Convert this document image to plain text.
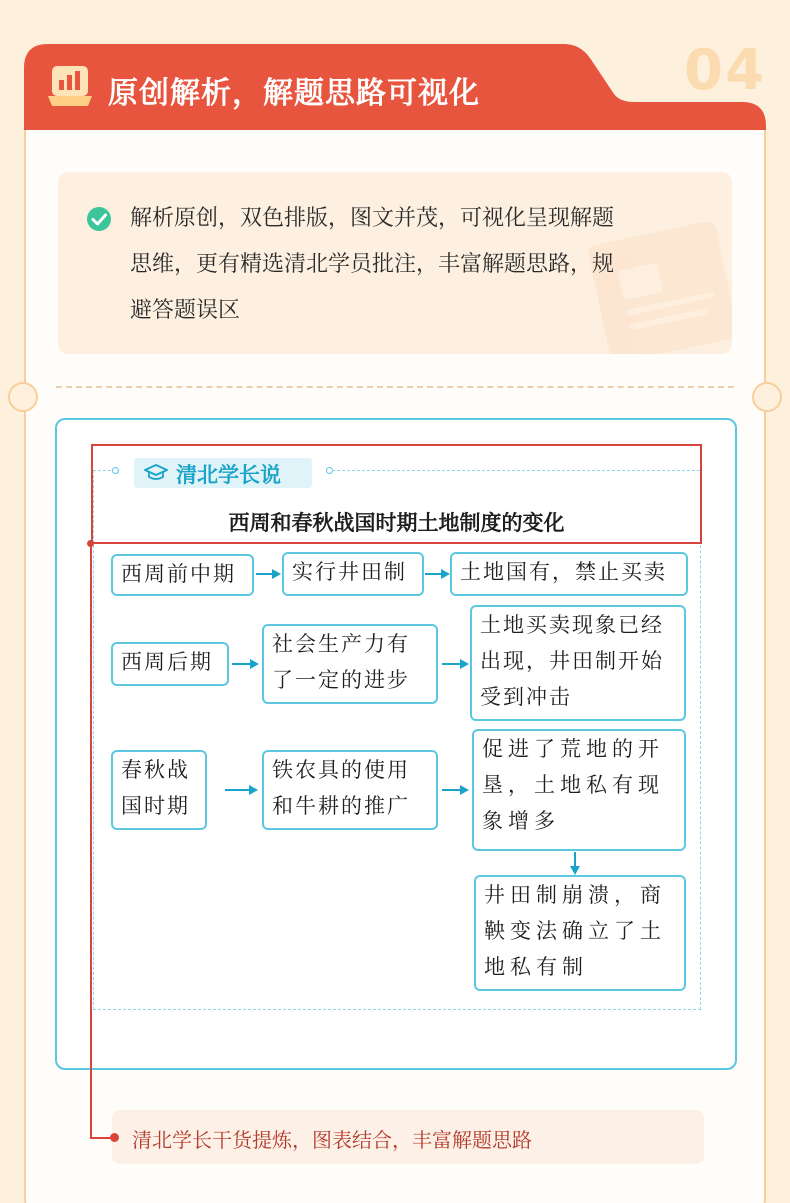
原创解析，解题思路可视化	04
解析原创，双色排版，图文并茂，可视化呈现解题
思维，更有精选清北学员批注，丰富解题思路，规
避答题误区
清北学长说
西周和春秋战国时期土地制度的变化
西周前中期	实行井田制	土地国有，禁止买卖
西周后期
社会生产力有
了一定的进步
土地买卖现象已经
出现，井田制开始
受到冲击
春秋战
国时期
铁农具的使用
和牛耕的推广
促进了荒地的开
垦，土地私有现
象增多
井田制崩溃，商
鞅变法确立了土
地私有制
清北学长干货提炼，图表结合，丰富解题思路
